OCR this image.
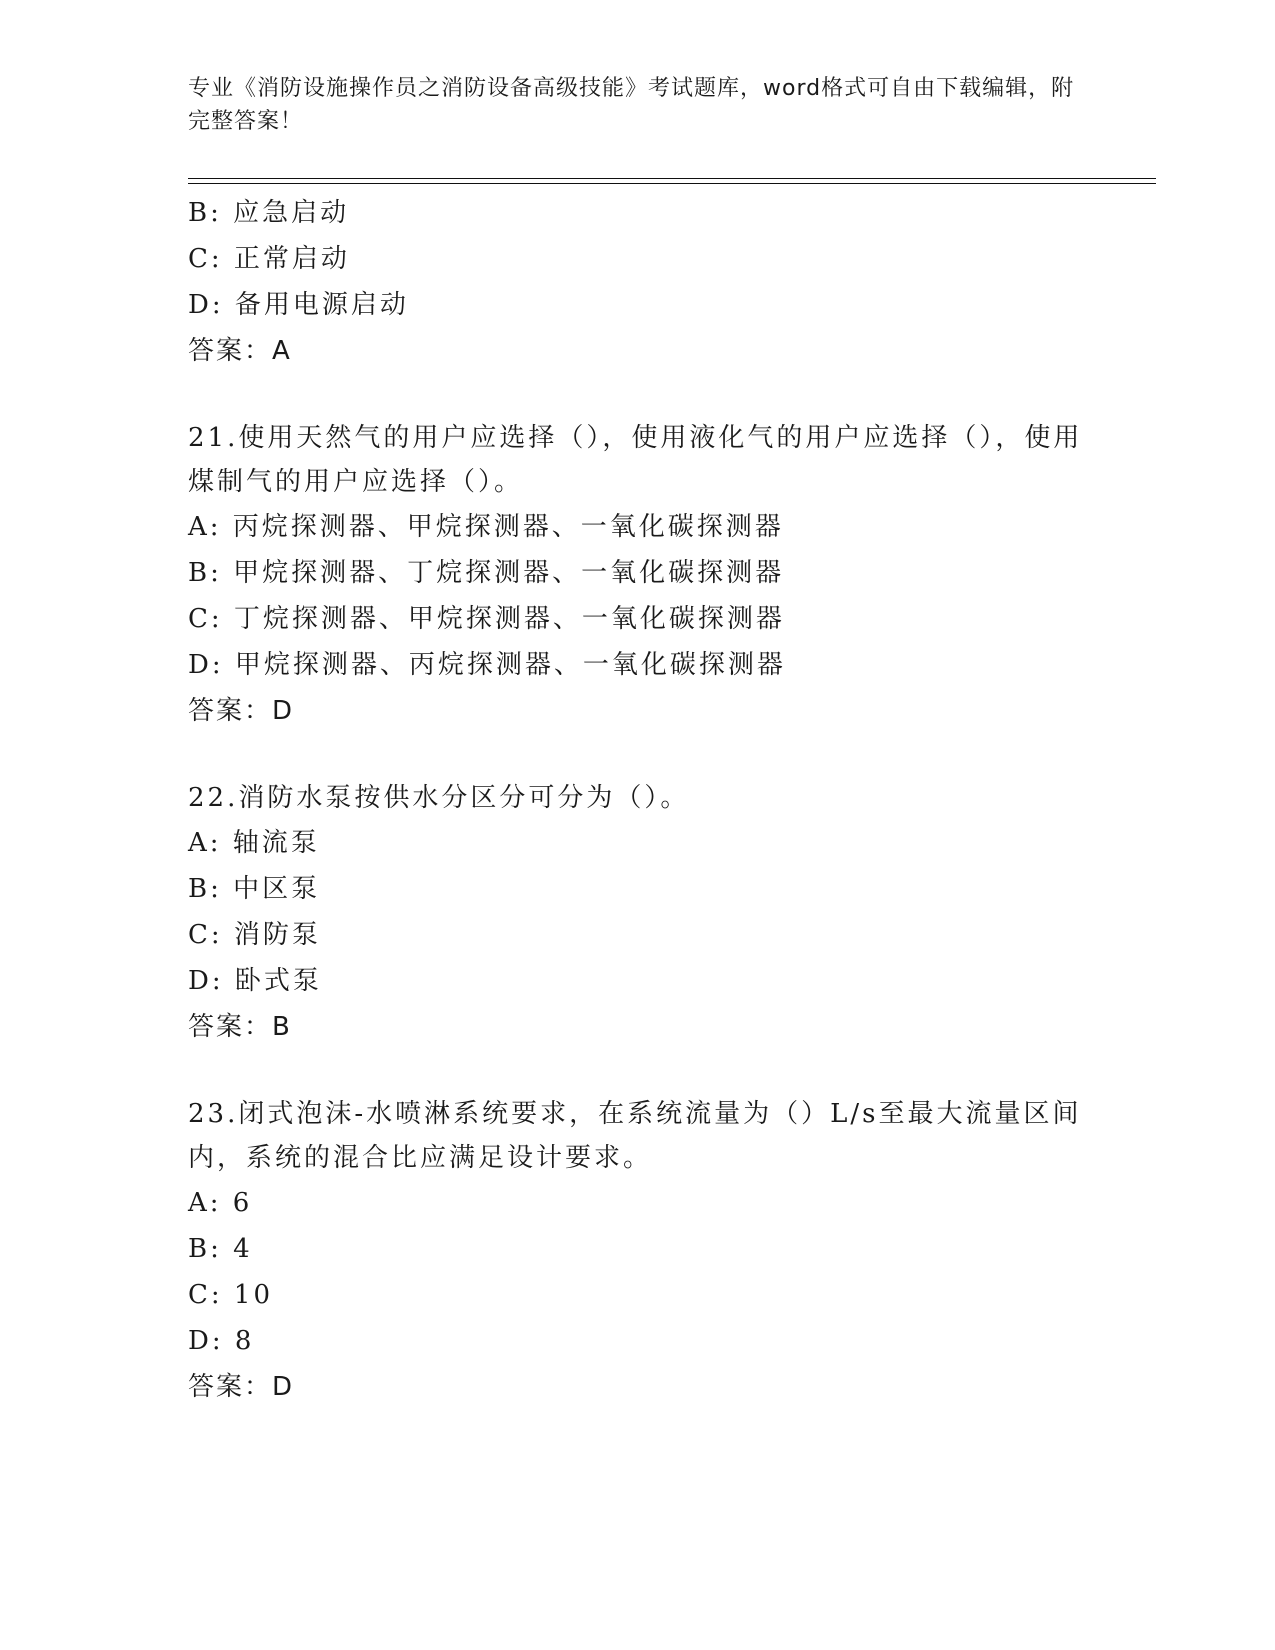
专业《消防设施操作员之消防设备高级技能》考试题库，word格式可自由下载编辑，附完整答案！
B: 应急启动
C: 正常启动
D: 备用电源启动
答案：A
21.使用天然气的用户应选择（），使用液化气的用户应选择（），使用煤制气的用户应选择（）。
A: 丙烷探测器、甲烷探测器、一氧化碳探测器
B: 甲烷探测器、丁烷探测器、一氧化碳探测器
C: 丁烷探测器、甲烷探测器、一氧化碳探测器
D: 甲烷探测器、丙烷探测器、一氧化碳探测器
答案：D
22.消防水泵按供水分区分可分为（）。
A: 轴流泵
B: 中区泵
C: 消防泵
D: 卧式泵
答案：B
23.闭式泡沫-水喷淋系统要求，在系统流量为（）L/s至最大流量区间内，系统的混合比应满足设计要求。
A: 6
B: 4
C: 10
D: 8
答案：D
